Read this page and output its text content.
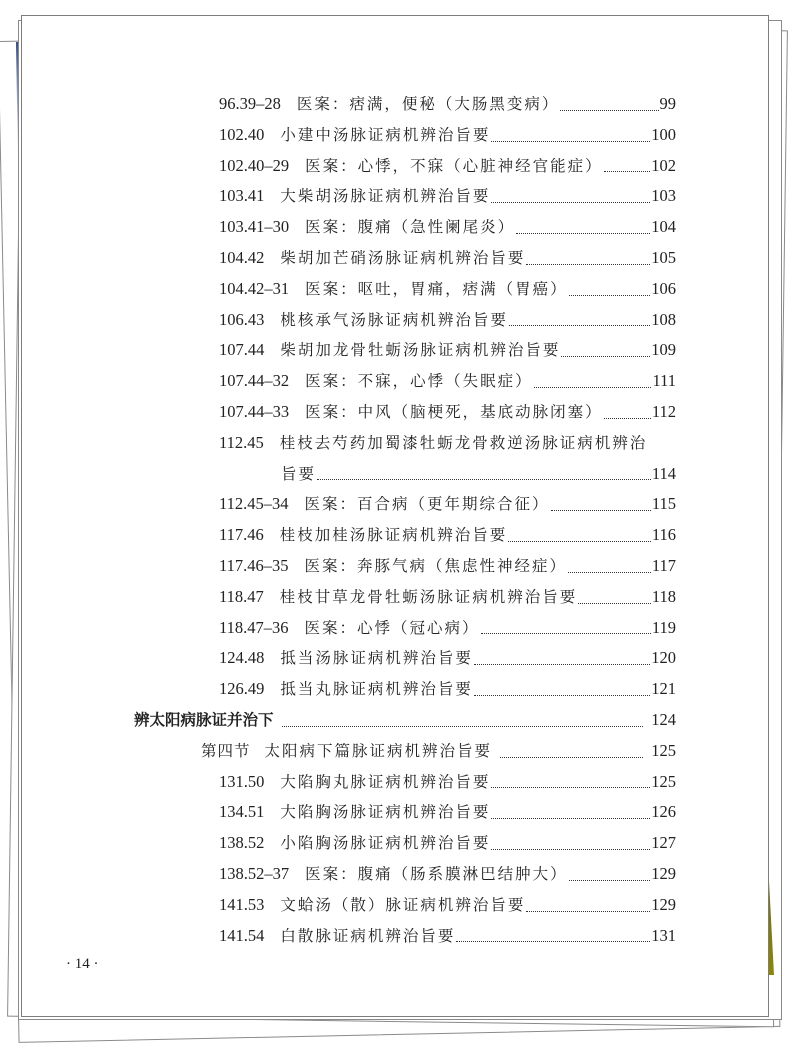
96.39–28 医案：痞满，便秘（大肠黑变病）	99
102.40 小建中汤脉证病机辨治旨要	100
102.40–29 医案：心悸，不寐（心脏神经官能症）	102
103.41 大柴胡汤脉证病机辨治旨要	103
103.41–30 医案：腹痛（急性阑尾炎）	104
104.42 柴胡加芒硝汤脉证病机辨治旨要	105
104.42–31 医案：呕吐，胃痛，痞满（胃癌）	106
106.43 桃核承气汤脉证病机辨治旨要	108
107.44 柴胡加龙骨牡蛎汤脉证病机辨治旨要	109
107.44–32 医案：不寐，心悸（失眠症）	111
107.44–33 医案：中风（脑梗死，基底动脉闭塞）	112
112.45 桂枝去芍药加蜀漆牡蛎龙骨救逆汤脉证病机辨治
旨要	114
112.45–34 医案：百合病（更年期综合征）	115
117.46 桂枝加桂汤脉证病机辨治旨要	116
117.46–35 医案：奔豚气病（焦虑性神经症）	117
118.47 桂枝甘草龙骨牡蛎汤脉证病机辨治旨要	118
118.47–36 医案：心悸（冠心病）	119
124.48 抵当汤脉证病机辨治旨要	120
126.49 抵当丸脉证病机辨治旨要	121
辨太阳病脉证并治下	124
第四节 太阳病下篇脉证病机辨治旨要	125
131.50 大陷胸丸脉证病机辨治旨要	125
134.51 大陷胸汤脉证病机辨治旨要	126
138.52 小陷胸汤脉证病机辨治旨要	127
138.52–37 医案：腹痛（肠系膜淋巴结肿大）	129
141.53 文蛤汤（散）脉证病机辨治旨要	129
141.54 白散脉证病机辨治旨要	131
· 14 ·
